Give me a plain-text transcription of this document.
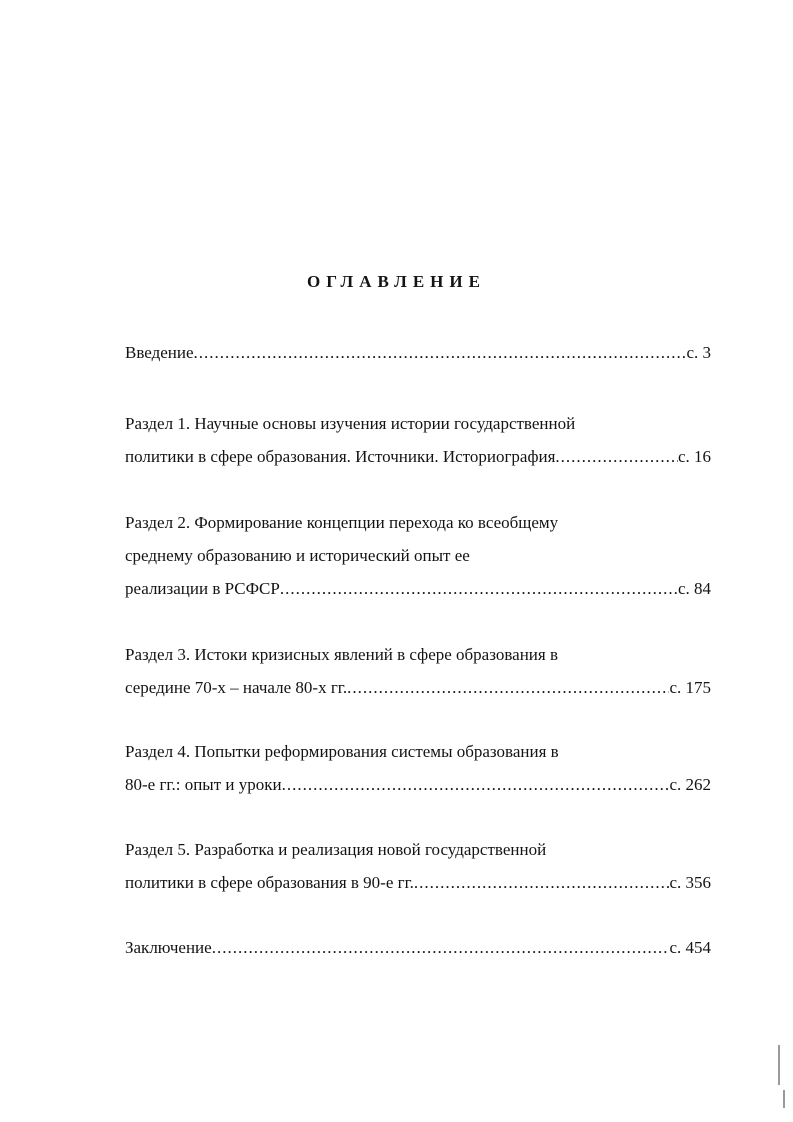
ОГЛАВЛЕНИЕ
Введение .....	с. 3
Раздел 1. Научные основы изучения истории государственной
политики в сфере образования. Источники. Историография .....	с. 16
Раздел 2. Формирование концепции перехода ко всеобщему
среднему образованию и исторический опыт ее
реализации в РСФСР .....	с. 84
Раздел 3. Истоки кризисных явлений в сфере образования в
середине 70-х – начале 80-х гг. .....	с. 175
Раздел 4. Попытки реформирования системы образования в
80-е гг.: опыт и уроки .....	с. 262
Раздел 5. Разработка и реализация новой государственной
политики в сфере образования в 90-е гг. .....	с. 356
Заключение .....	с. 454
